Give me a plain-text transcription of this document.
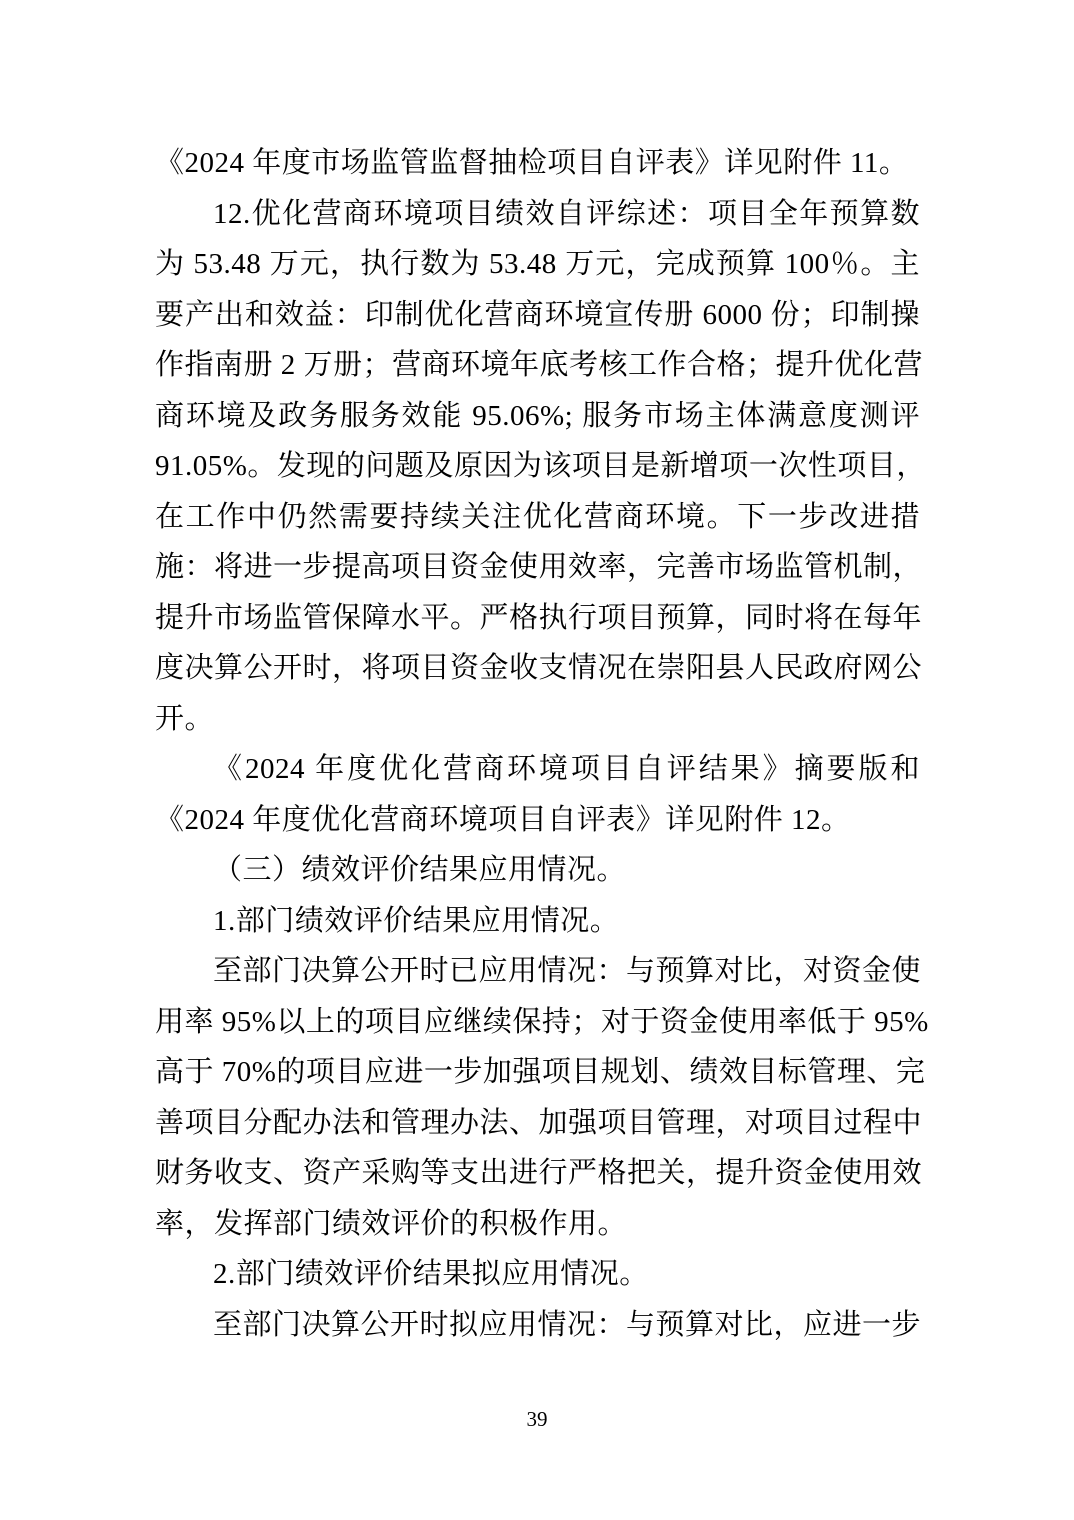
《2024 年度市场监管监督抽检项目自评表》详见附件 11。
12.优化营商环境项目绩效自评综述：项目全年预算数
为 53.48 万元，执行数为 53.48 万元，完成预算 100％。主
要产出和效益：印制优化营商环境宣传册 6000 份；印制操
作指南册 2 万册；营商环境年底考核工作合格；提升优化营
商环境及政务服务效能 95.06%; 服务市场主体满意度测评
91.05%。发现的问题及原因为该项目是新增项一次性项目，
在工作中仍然需要持续关注优化营商环境。下一步改进措
施：将进一步提高项目资金使用效率，完善市场监管机制，
提升市场监管保障水平。严格执行项目预算，同时将在每年
度决算公开时，将项目资金收支情况在崇阳县人民政府网公
开。
《2024 年度优化营商环境项目自评结果》摘要版和
《2024 年度优化营商环境项目自评表》详见附件 12。
（三）绩效评价结果应用情况。
1.部门绩效评价结果应用情况。
至部门决算公开时已应用情况：与预算对比，对资金使
用率 95%以上的项目应继续保持；对于资金使用率低于 95%
高于 70%的项目应进一步加强项目规划、绩效目标管理、完
善项目分配办法和管理办法、加强项目管理，对项目过程中
财务收支、资产采购等支出进行严格把关，提升资金使用效
率，发挥部门绩效评价的积极作用。
2.部门绩效评价结果拟应用情况。
至部门决算公开时拟应用情况：与预算对比，应进一步
39
